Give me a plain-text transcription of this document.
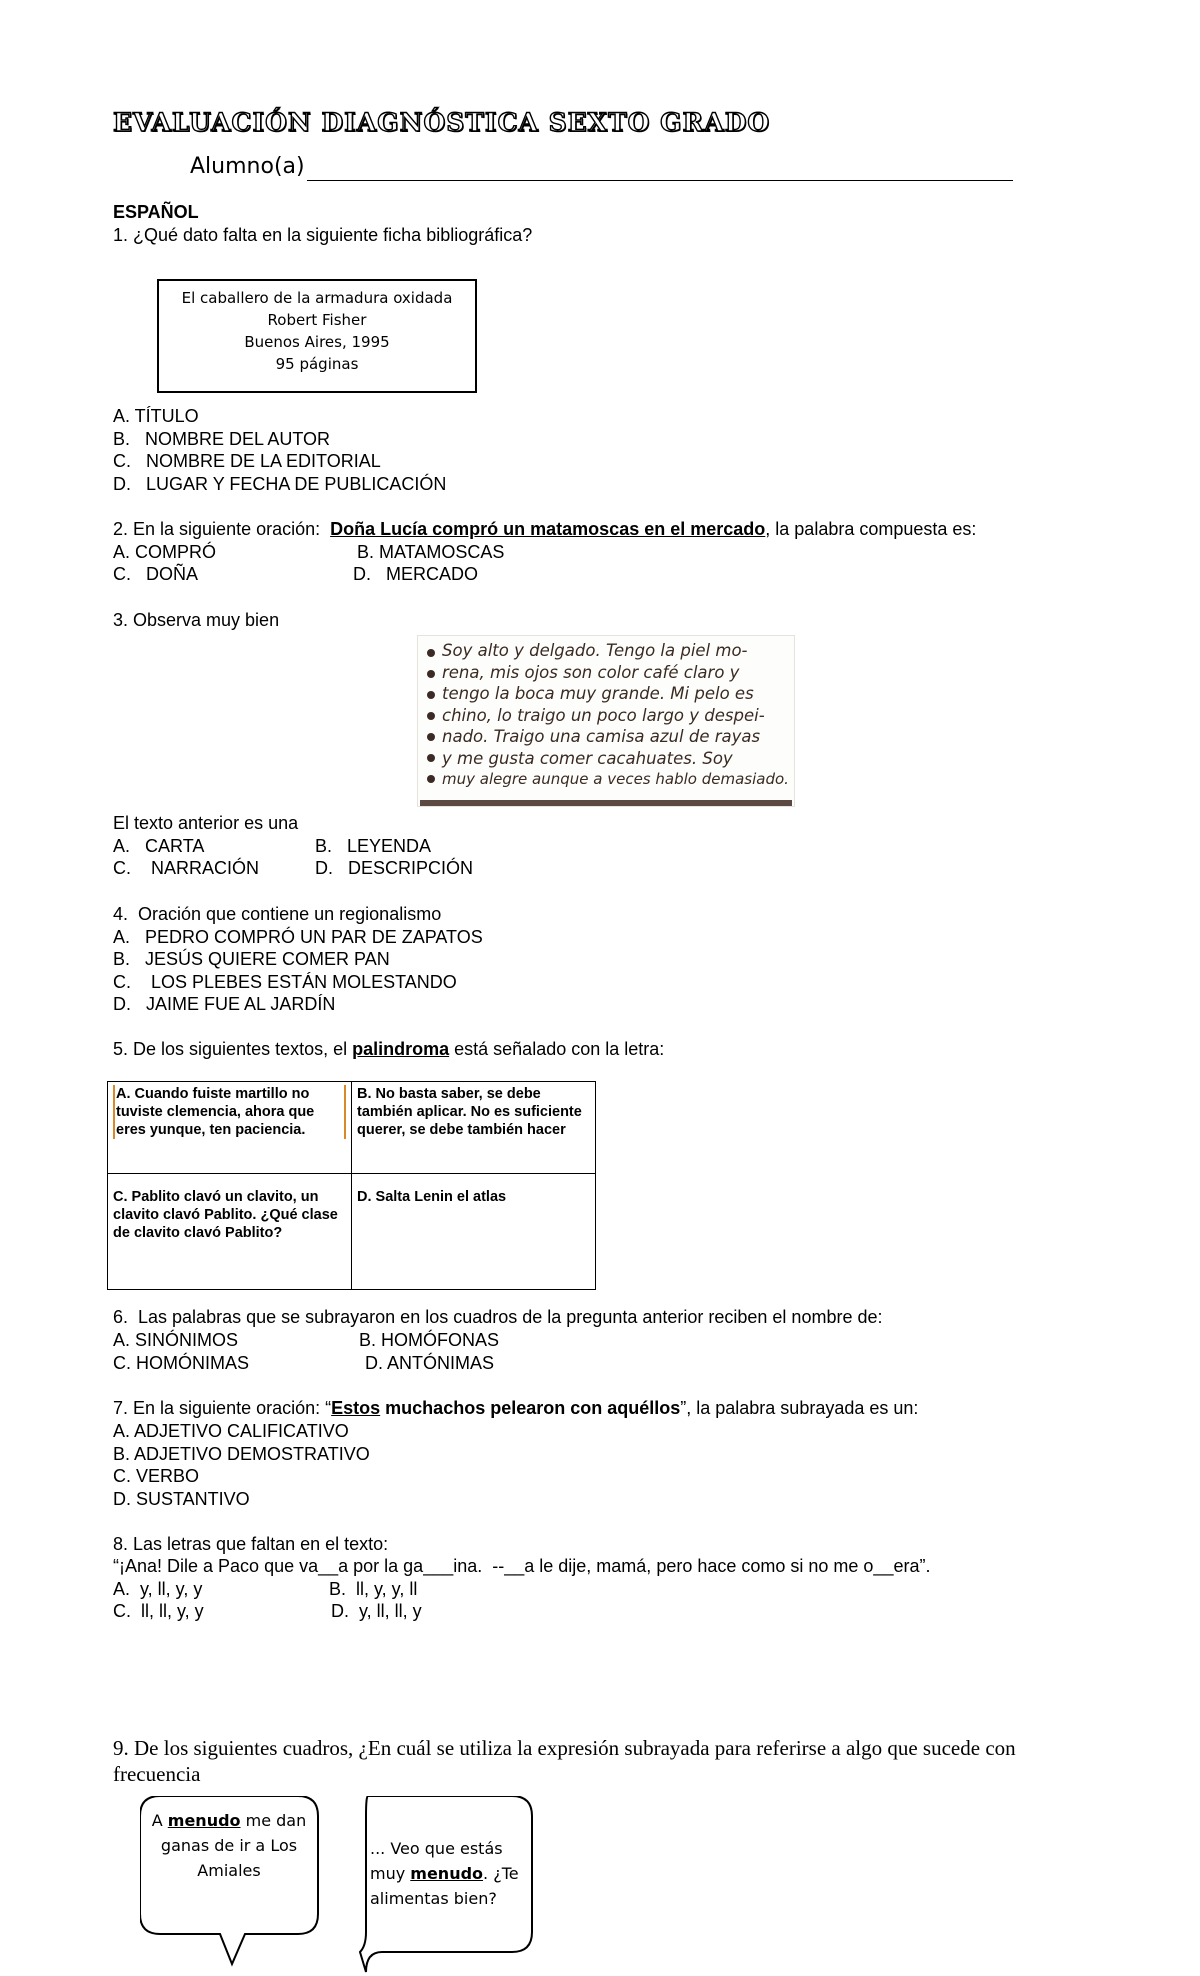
EVALUACIÓN DIAGNÓSTICA SEXTO GRADO
Alumno(a)
ESPAÑOL
1. ¿Qué dato falta en la siguiente ficha bibliográfica?
El caballero de la armadura oxidada
Robert Fisher
Buenos Aires, 1995
95 páginas
A. TÍTULO
B.   NOMBRE DEL AUTOR
C.   NOMBRE DE LA EDITORIAL
D.   LUGAR Y FECHA DE PUBLICACIÓN
2. En la siguiente oración:  Doña Lucía compró un matamoscas en el mercado, la palabra compuesta es:
A. COMPRÓ	B. MATAMOSCAS
C.   DOÑA	D.   MERCADO
3. Observa muy bien
Soy alto y delgado. Tengo la piel mo-
rena, mis ojos son color café claro y
tengo la boca muy grande. Mi pelo es
chino, lo traigo un poco largo y despei-
nado. Traigo una camisa azul de rayas
y me gusta comer cacahuates. Soy
muy alegre aunque a veces hablo demasiado.
El texto anterior es una
A.   CARTA	B.   LEYENDA
C.    NARRACIÓN	D.   DESCRIPCIÓN
4.  Oración que contiene un regionalismo
A.   PEDRO COMPRÓ UN PAR DE ZAPATOS
B.   JESÚS QUIERE COMER PAN
C.    LOS PLEBES ESTÁN MOLESTANDO
D.   JAIME FUE AL JARDÍN
5. De los siguientes textos, el palindroma está señalado con la letra:
A. Cuando fuiste martillo no tuviste clemencia, ahora que eres yunque, ten paciencia.	B. No basta saber, se debe también aplicar. No es suficiente querer, se debe también hacer

C. Pablito clavó un clavito, un clavito clavó Pablito. ¿Qué clase de clavito clavó Pablito?	D. Salta Lenin el atlas
6.  Las palabras que se subrayaron en los cuadros de la pregunta anterior reciben el nombre de:
A. SINÓNIMOS	B. HOMÓFONAS
C. HOMÓNIMAS	D. ANTÓNIMAS
7. En la siguiente oración: “Estos muchachos pelearon con aquéllos”, la palabra subrayada es un:
A. ADJETIVO CALIFICATIVO
B. ADJETIVO DEMOSTRATIVO
C. VERBO
D. SUSTANTIVO
8. Las letras que faltan en el texto:
“¡Ana! Dile a Paco que va__a por la ga___ina.  --__a le dije, mamá, pero hace como si no me o__era”.
A.  y, ll, y, y	B.  ll, y, y, ll
C.  ll, ll, y, y	D.  y, ll, ll, y
9. De los siguientes cuadros, ¿En cuál se utiliza la expresión subrayada para referirse a algo que sucede con frecuencia
A menudo me dan
ganas de ir a Los
Amiales
... Veo que estás
muy menudo. ¿Te
alimentas bien?
